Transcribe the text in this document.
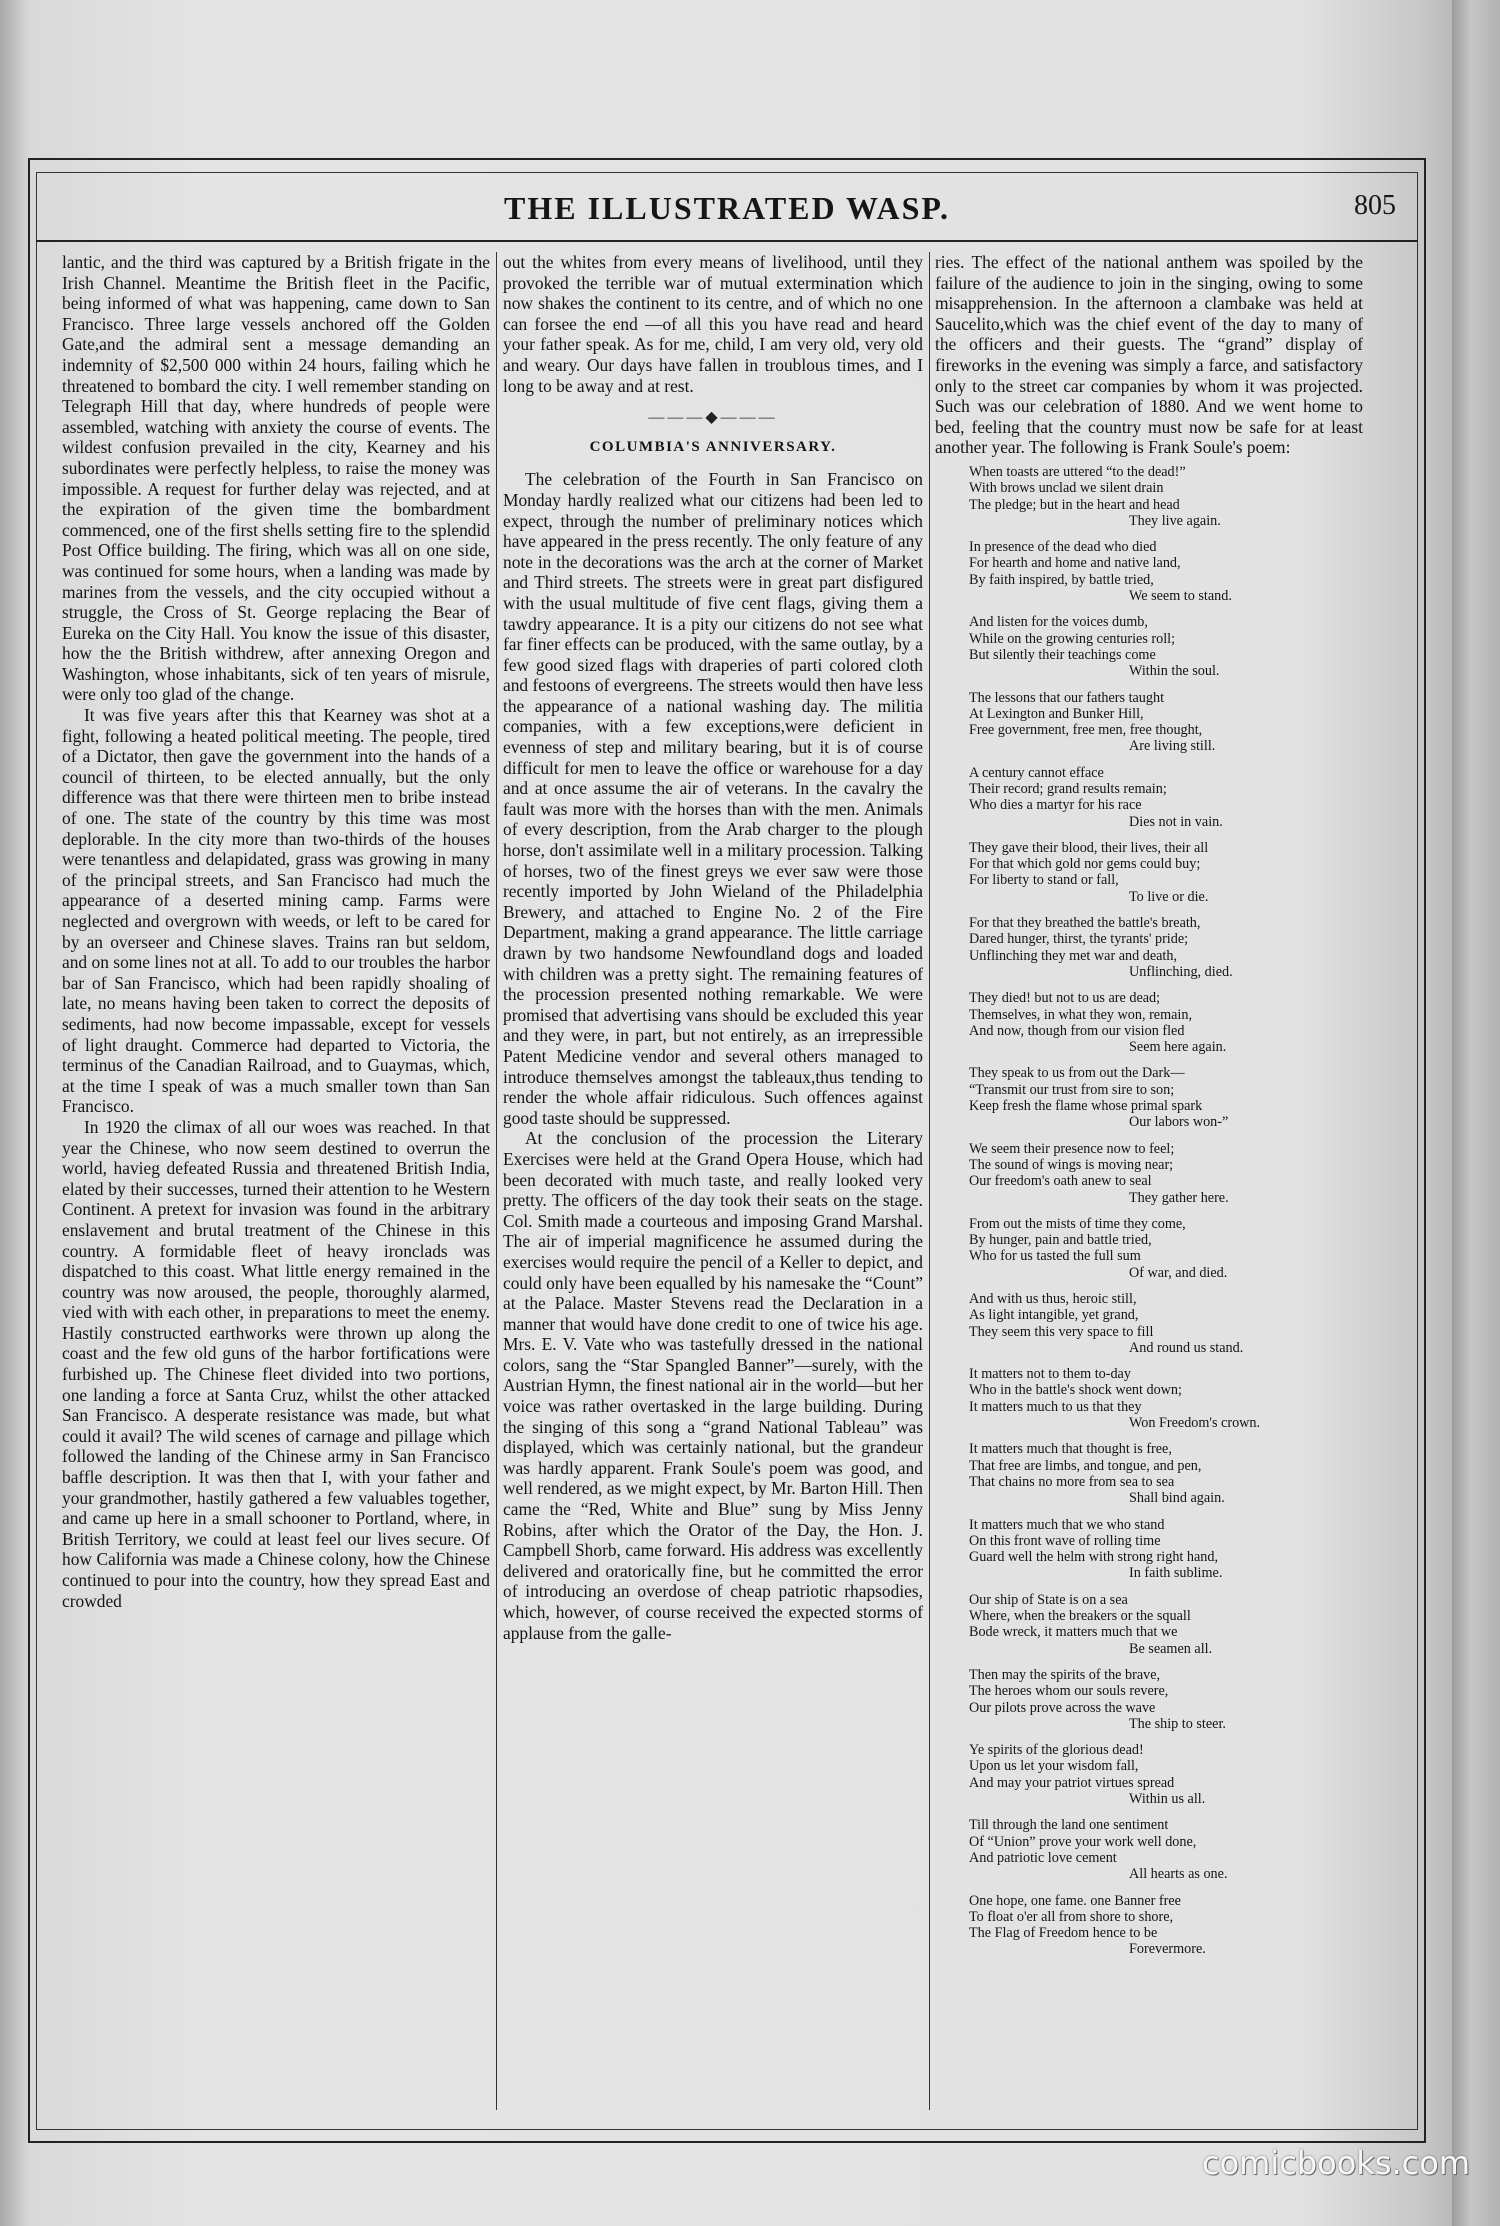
THE ILLUSTRATED WASP.	805

lantic, and the third was captured by a British frigate in the Irish Channel. Meantime the British fleet in the Pacific, being informed of what was happening, came down to San Francisco. Three large vessels anchored off the Golden Gate,and the admiral sent a message demanding an indemnity of $2,500 000 within 24 hours, failing which he threatened to bombard the city. I well remember standing on Telegraph Hill that day, where hundreds of people were assembled, watching with anxiety the course of events. The wildest confusion prevailed in the city, Kearney and his subordinates were perfectly helpless, to raise the money was impossible. A request for further delay was rejected, and at the expiration of the given time the bombardment commenced, one of the first shells setting fire to the splendid Post Office building. The firing, which was all on one side, was continued for some hours, when a landing was made by marines from the vessels, and the city occupied without a struggle, the Cross of St. George replacing the Bear of Eureka on the City Hall. You know the issue of this disaster, how the the British withdrew, after annexing Oregon and Washington, whose inhabitants, sick of ten years of misrule, were only too glad of the change.

It was five years after this that Kearney was shot at a fight, following a heated political meeting. The people, tired of a Dictator, then gave the government into the hands of a council of thirteen, to be elected annually, but the only difference was that there were thirteen men to bribe instead of one. The state of the country by this time was most deplorable. In the city more than two-thirds of the houses were tenantless and delapidated, grass was growing in many of the principal streets, and San Francisco had much the appearance of a deserted mining camp. Farms were neglected and overgrown with weeds, or left to be cared for by an overseer and Chinese slaves. Trains ran but seldom, and on some lines not at all. To add to our troubles the harbor bar of San Francisco, which had been rapidly shoaling of late, no means having been taken to correct the deposits of sediments, had now become impassable, except for vessels of light draught. Commerce had departed to Victoria, the terminus of the Canadian Railroad, and to Guaymas, which, at the time I speak of was a much smaller town than San Francisco.

In 1920 the climax of all our woes was reached. In that year the Chinese, who now seem destined to overrun the world, havieg defeated Russia and threatened British India, elated by their successes, turned their attention to he Western Continent. A pretext for invasion was found in the arbitrary enslavement and brutal treatment of the Chinese in this country. A formidable fleet of heavy ironclads was dispatched to this coast. What little energy remained in the country was now aroused, the people, thoroughly alarmed, vied with with each other, in preparations to meet the enemy. Hastily constructed earthworks were thrown up along the coast and the few old guns of the harbor fortifications were furbished up. The Chinese fleet divided into two portions, one landing a force at Santa Cruz, whilst the other attacked San Francisco. A desperate resistance was made, but what could it avail? The wild scenes of carnage and pillage which followed the landing of the Chinese army in San Francisco baffle description. It was then that I, with your father and your grandmother, hastily gathered a few valuables together, and came up here in a small schooner to Portland, where, in British Territory, we could at least feel our lives secure. Of how California was made a Chinese colony, how the Chinese continued to pour into the country, how they spread East and crowded

out the whites from every means of livelihood, until they provoked the terrible war of mutual extermination which now shakes the continent to its centre, and of which no one can forsee the end —of all this you have read and heard your father speak. As for me, child, I am very old, very old and weary. Our days have fallen in troublous times, and I long to be away and at rest.

———◆———
COLUMBIA'S ANNIVERSARY.

The celebration of the Fourth in San Francisco on Monday hardly realized what our citizens had been led to expect, through the number of preliminary notices which have appeared in the press recently. The only feature of any note in the decorations was the arch at the corner of Market and Third streets. The streets were in great part disfigured with the usual multitude of five cent flags, giving them a tawdry appearance. It is a pity our citizens do not see what far finer effects can be produced, with the same outlay, by a few good sized flags with draperies of parti colored cloth and festoons of evergreens. The streets would then have less the appearance of a national washing day. The militia companies, with a few exceptions,were deficient in evenness of step and military bearing, but it is of course difficult for men to leave the office or warehouse for a day and at once assume the air of veterans. In the cavalry the fault was more with the horses than with the men. Animals of every description, from the Arab charger to the plough horse, don't assimilate well in a military procession. Talking of horses, two of the finest greys we ever saw were those recently imported by John Wieland of the Philadelphia Brewery, and attached to Engine No. 2 of the Fire Department, making a grand appearance. The little carriage drawn by two handsome Newfoundland dogs and loaded with children was a pretty sight. The remaining features of the procession presented nothing remarkable. We were promised that advertising vans should be excluded this year and they were, in part, but not entirely, as an irrepressible Patent Medicine vendor and several others managed to introduce themselves amongst the tableaux,thus tending to render the whole affair ridiculous. Such offences against good taste should be suppressed.

At the conclusion of the procession the Literary Exercises were held at the Grand Opera House, which had been decorated with much taste, and really looked very pretty. The officers of the day took their seats on the stage. Col. Smith made a courteous and imposing Grand Marshal. The air of imperial magnificence he assumed during the exercises would require the pencil of a Keller to depict, and could only have been equalled by his namesake the “Count” at the Palace. Master Stevens read the Declaration in a manner that would have done credit to one of twice his age. Mrs. E. V. Vate who was tastefully dressed in the national colors, sang the “Star Spangled Banner”—surely, with the Austrian Hymn, the finest national air in the world—but her voice was rather overtasked in the large building. During the singing of this song a “grand National Tableau” was displayed, which was certainly national, but the grandeur was hardly apparent. Frank Soule's poem was good, and well rendered, as we might expect, by Mr. Barton Hill. Then came the “Red, White and Blue” sung by Miss Jenny Robins, after which the Orator of the Day, the Hon. J. Campbell Shorb, came forward. His address was excellently delivered and oratorically fine, but he committed the error of introducing an overdose of cheap patriotic rhapsodies, which, however, of course received the expected storms of applause from the galle-

ries. The effect of the national anthem was spoiled by the failure of the audience to join in the singing, owing to some misapprehension. In the afternoon a clambake was held at Saucelito,which was the chief event of the day to many of the officers and their guests. The “grand” display of fireworks in the evening was simply a farce, and satisfactory only to the street car companies by whom it was projected. Such was our celebration of 1880. And we went home to bed, feeling that the country must now be safe for at least another year. The following is Frank Soule's poem:

When toasts are uttered “to the dead!”
With brows unclad we silent drain
The pledge; but in the heart and head
They live again.
In presence of the dead who died
For hearth and home and native land,
By faith inspired, by battle tried,
We seem to stand.
And listen for the voices dumb,
While on the growing centuries roll;
But silently their teachings come
Within the soul.
The lessons that our fathers taught
At Lexington and Bunker Hill,
Free government, free men, free thought,
Are living still.
A century cannot efface
Their record; grand results remain;
Who dies a martyr for his race
Dies not in vain.
They gave their blood, their lives, their all
For that which gold nor gems could buy;
For liberty to stand or fall,
To live or die.
For that they breathed the battle's breath,
Dared hunger, thirst, the tyrants' pride;
Unflinching they met war and death,
Unflinching, died.
They died! but not to us are dead;
Themselves, in what they won, remain,
And now, though from our vision fled
Seem here again.
They speak to us from out the Dark—
“Transmit our trust from sire to son;
Keep fresh the flame whose primal spark
Our labors won-”
We seem their presence now to feel;
The sound of wings is moving near;
Our freedom's oath anew to seal
They gather here.
From out the mists of time they come,
By hunger, pain and battle tried,
Who for us tasted the full sum
Of war, and died.
And with us thus, heroic still,
As light intangible, yet grand,
They seem this very space to fill
And round us stand.
It matters not to them to-day
Who in the battle's shock went down;
It matters much to us that they
Won Freedom's crown.
It matters much that thought is free,
That free are limbs, and tongue, and pen,
That chains no more from sea to sea
Shall bind again.
It matters much that we who stand
On this front wave of rolling time
Guard well the helm with strong right hand,
In faith sublime.
Our ship of State is on a sea
Where, when the breakers or the squall
Bode wreck, it matters much that we
Be seamen all.
Then may the spirits of the brave,
The heroes whom our souls revere,
Our pilots prove across the wave
The ship to steer.
Ye spirits of the glorious dead!
Upon us let your wisdom fall,
And may your patriot virtues spread
Within us all.
Till through the land one sentiment
Of “Union” prove your work well done,
And patriotic love cement
All hearts as one.
One hope, one fame. one Banner free
To float o'er all from shore to shore,
The Flag of Freedom hence to be
Forevermore.
comicbooks.com
